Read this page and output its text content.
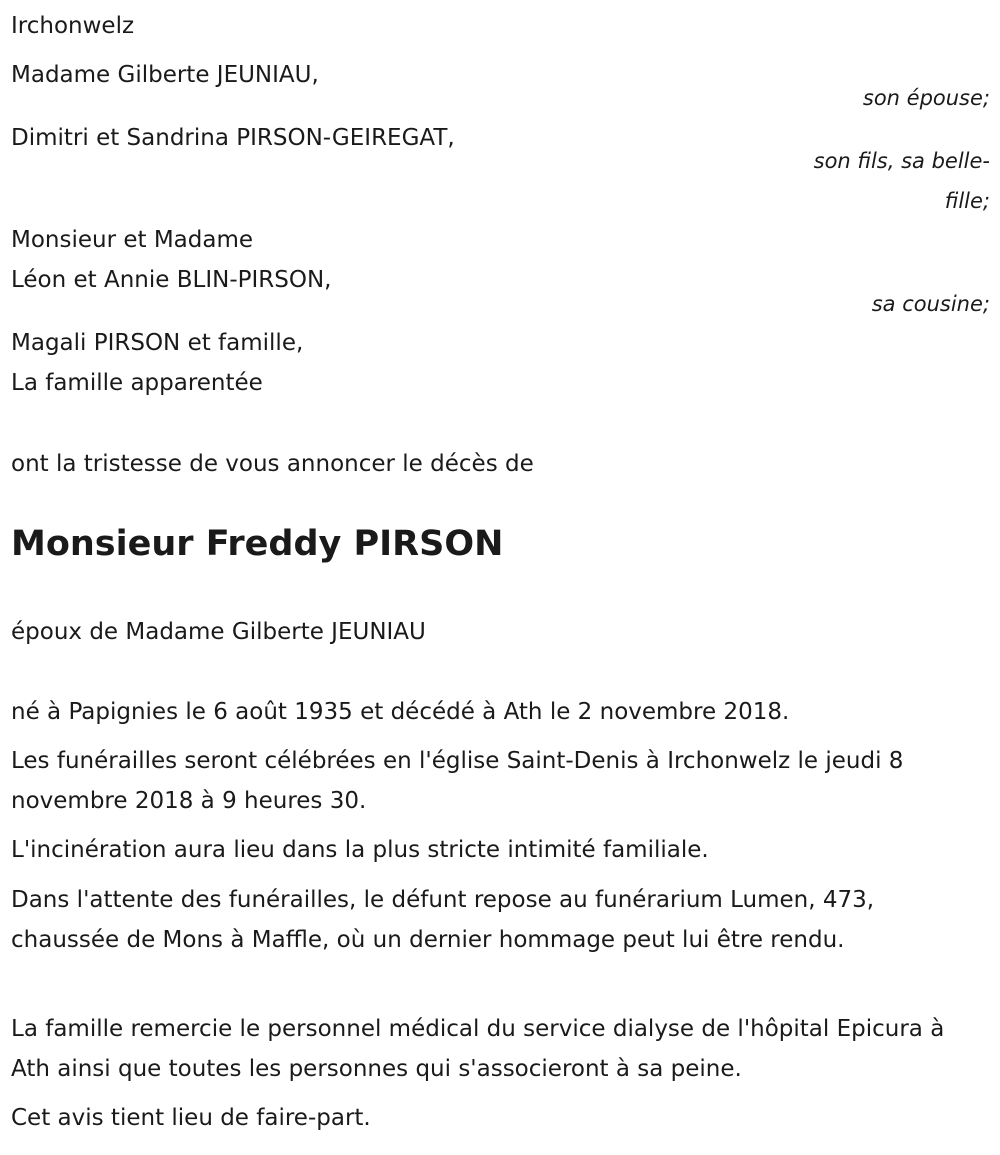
Irchonwelz
Madame Gilberte JEUNIAU,
son épouse;
Dimitri et Sandrina PIRSON-GEIREGAT,
son fils, sa belle-
fille;
Monsieur et Madame
Léon et Annie BLIN-PIRSON,
sa cousine;
Magali PIRSON et famille,
La famille apparentée
ont la tristesse de vous annoncer le décès de
Monsieur Freddy PIRSON
époux de Madame Gilberte JEUNIAU
né à Papignies le 6 août 1935 et décédé à Ath le 2 novembre 2018.
Les funérailles seront célébrées en l'église Saint-Denis à Irchonwelz le jeudi 8 novembre 2018 à 9 heures 30.
L'incinération aura lieu dans la plus stricte intimité familiale.
Dans l'attente des funérailles, le défunt repose au funérarium Lumen, 473, chaussée de Mons à Maffle, où un dernier hommage peut lui être rendu.
La famille remercie le personnel médical du service dialyse de l'hôpital Epicura à Ath ainsi que toutes les personnes qui s'associeront à sa peine.
Cet avis tient lieu de faire-part.
